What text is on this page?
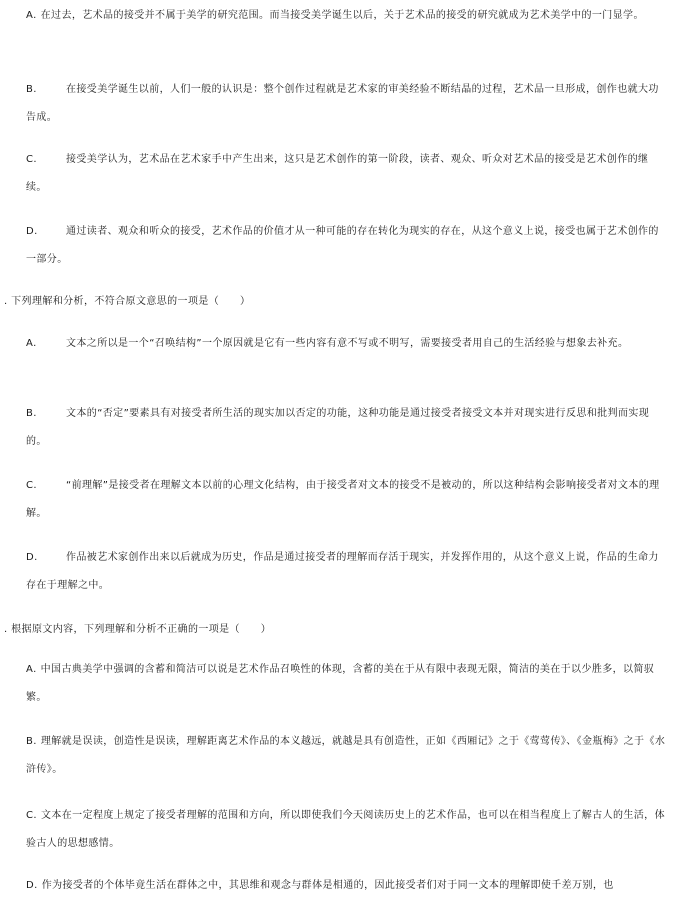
A. 在过去，艺术品的接受并不属于美学的研究范围。而当接受美学诞生以后，关于艺术品的接受的研究就成为艺术美学中的一门显学。

B.	在接受美学诞生以前，人们一般的认识是：整个创作过程就是艺术家的审美经验不断结晶的过程，艺术品一旦形成，创作也就大功告成。

C.	接受美学认为，艺术品在艺术家手中产生出来，这只是艺术创作的第一阶段，读者、观众、听众对艺术品的接受是艺术创作的继续。

D.	通过读者、观众和听众的接受，艺术作品的价值才从一种可能的存在转化为现实的存在，从这个意义上说，接受也属于艺术创作的一部分。

. 下列理解和分析，不符合原文意思的一项是（　　）

A.	文本之所以是一个“召唤结构”一个原因就是它有一些内容有意不写或不明写，需要接受者用自己的生活经验与想象去补充。

B.	文本的“否定”要素具有对接受者所生活的现实加以否定的功能，这种功能是通过接受者接受文本并对现实进行反思和批判而实现的。

C.	“前理解”是接受者在理解文本以前的心理文化结构，由于接受者对文本的接受不是被动的，所以这种结构会影响接受者对文本的理解。

D.	作品被艺术家创作出来以后就成为历史，作品是通过接受者的理解而存活于现实，并发挥作用的，从这个意义上说，作品的生命力存在于理解之中。

. 根据原文内容，下列理解和分析不正确的一项是（　　）

A. 中国古典美学中强调的含蓄和简洁可以说是艺术作品召唤性的体现，含蓄的美在于从有限中表现无限，简洁的美在于以少胜多，以简驭繁。

B. 理解就是误读，创造性是误读，理解距离艺术作品的本义越远，就越是具有创造性，正如《西厢记》之于《莺莺传》、《金瓶梅》之于《水浒传》。

C. 文本在一定程度上规定了接受者理解的范围和方向，所以即使我们今天阅读历史上的艺术作品，也可以在相当程度上了解古人的生活，体验古人的思想感情。

D. 作为接受者的个体毕竟生活在群体之中，其思维和观念与群体是相通的，因此接受者们对于同一文本的理解即使千差万别，也
